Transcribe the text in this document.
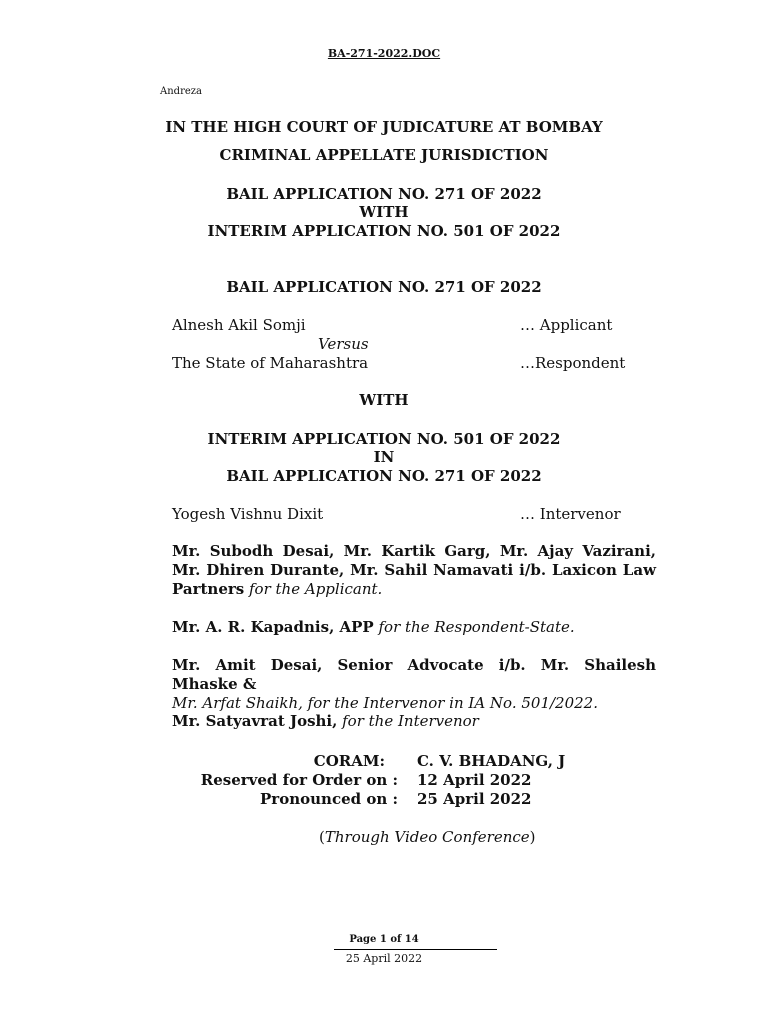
BA-271-2022.DOC
Andreza
IN THE HIGH COURT OF JUDICATURE AT BOMBAY
CRIMINAL APPELLATE JURISDICTION
BAIL APPLICATION NO. 271 OF 2022
WITH
INTERIM APPLICATION NO. 501 OF 2022
BAIL APPLICATION NO. 271 OF 2022
Alnesh Akil Somji	… Applicant
Versus
The State of Maharashtra	…Respondent
WITH
INTERIM APPLICATION NO. 501 OF 2022
IN
BAIL APPLICATION NO. 271 OF 2022
Yogesh Vishnu Dixit	… Intervenor
Mr. Subodh Desai, Mr. Kartik Garg, Mr. Ajay Vazirani, Mr. Dhiren Durante, Mr. Sahil Namavati i/b. Laxicon Law Partners for the Applicant.
Mr. A. R. Kapadnis, APP for the Respondent-State.
Mr. Amit Desai, Senior Advocate i/b. Mr. Shailesh Mhaske &
Mr. Arfat Shaikh, for the Intervenor in IA No. 501/2022.
Mr. Satyavrat Joshi, for the Intervenor
CORAM: C. V. BHADANG, J
Reserved for Order on : 12 April 2022
Pronounced on : 25 April 2022
(Through Video Conference)
Page 1 of 14
25 April 2022
